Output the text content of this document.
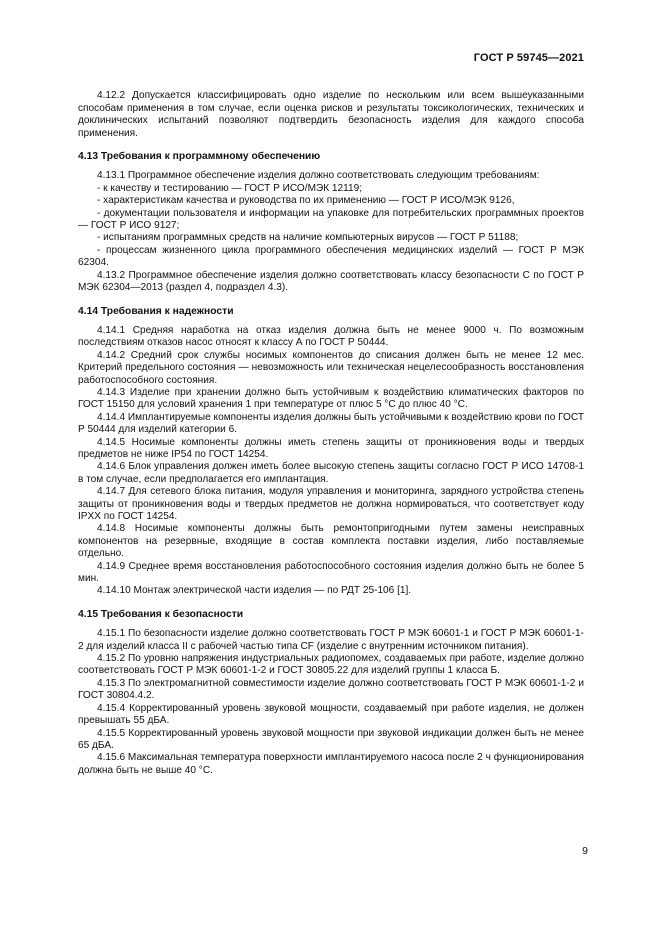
ГОСТ Р 59745—2021

4.12.2 Допускается классифицировать одно изделие по нескольким или всем вышеуказанными способам применения в том случае, если оценка рисков и результаты токсикологических, технических и доклинических испытаний позволяют подтвердить безопасность изделия для каждого способа применения.

4.13 Требования к программному обеспечению

4.13.1 Программное обеспечение изделия должно соответствовать следующим требованиям:

- к качеству и тестированию — ГОСТ Р ИСО/МЭК 12119;

- характеристикам качества и руководства по их применению — ГОСТ Р ИСО/МЭК 9126,

- документации пользователя и информации на упаковке для потребительских программных проектов — ГОСТ Р ИСО 9127;

- испытаниям программных средств на наличие компьютерных вирусов — ГОСТ Р 51188;

- процессам жизненного цикла программного обеспечения медицинских изделий — ГОСТ Р МЭК 62304.

4.13.2 Программное обеспечение изделия должно соответствовать классу безопасности С по ГОСТ Р МЭК 62304—2013 (раздел 4, подраздел 4.3).

4.14 Требования к надежности

4.14.1 Средняя наработка на отказ изделия должна быть не менее 9000 ч. По возможным последствиям отказов насос относят к классу А по ГОСТ Р 50444.

4.14.2 Средний срок службы носимых компонентов до списания должен быть не менее 12 мес. Критерий предельного состояния — невозможность или техническая нецелесообразность восстановления работоспособного состояния.

4.14.3 Изделие при хранении должно быть устойчивым к воздействию климатических факторов по ГОСТ 15150 для условий хранения 1 при температуре от плюс 5 °С до плюс 40 °С.

4.14.4 Имплантируемые компоненты изделия должны быть устойчивыми к воздействию крови по ГОСТ Р 50444 для изделий категории 6.

4.14.5 Носимые компоненты должны иметь степень защиты от проникновения воды и твердых предметов не ниже IP54 по ГОСТ 14254.

4.14.6 Блок управления должен иметь более высокую степень защиты согласно ГОСТ Р ИСО 14708-1 в том случае, если предполагается его имплантация.

4.14.7 Для сетевого блока питания, модуля управления и мониторинга, зарядного устройства степень защиты от проникновения воды и твердых предметов не должна нормироваться, что соответствует коду IPXX по ГОСТ 14254.

4.14.8 Носимые компоненты должны быть ремонтопригодными путем замены неисправных компонентов на резервные, входящие в состав комплекта поставки изделия, либо поставляемые отдельно.

4.14.9 Среднее время восстановления работоспособного состояния изделия должно быть не более 5 мин.

4.14.10 Монтаж электрической части изделия — по РДТ 25-106 [1].

4.15 Требования к безопасности

4.15.1 По безопасности изделие должно соответствовать ГОСТ Р МЭК 60601-1 и ГОСТ Р МЭК 60601-1-2 для изделий класса II с рабочей частью типа CF (изделие с внутренним источником питания).

4.15.2 По уровню напряжения индустриальных радиопомех, создаваемых при работе, изделие должно соответствовать ГОСТ Р МЭК 60601-1-2 и ГОСТ 30805.22 для изделий группы 1 класса Б.

4.15.3 По электромагнитной совместимости изделие должно соответствовать ГОСТ Р МЭК 60601-1-2 и ГОСТ 30804.4.2.

4.15.4 Корректированный уровень звуковой мощности, создаваемый при работе изделия, не должен превышать 55 дБА.

4.15.5 Корректированный уровень звуковой мощности при звуковой индикации должен быть не менее 65 дБА.

4.15.6 Максимальная температура поверхности имплантируемого насоса после 2 ч функционирования должна быть не выше 40 °С.

9
